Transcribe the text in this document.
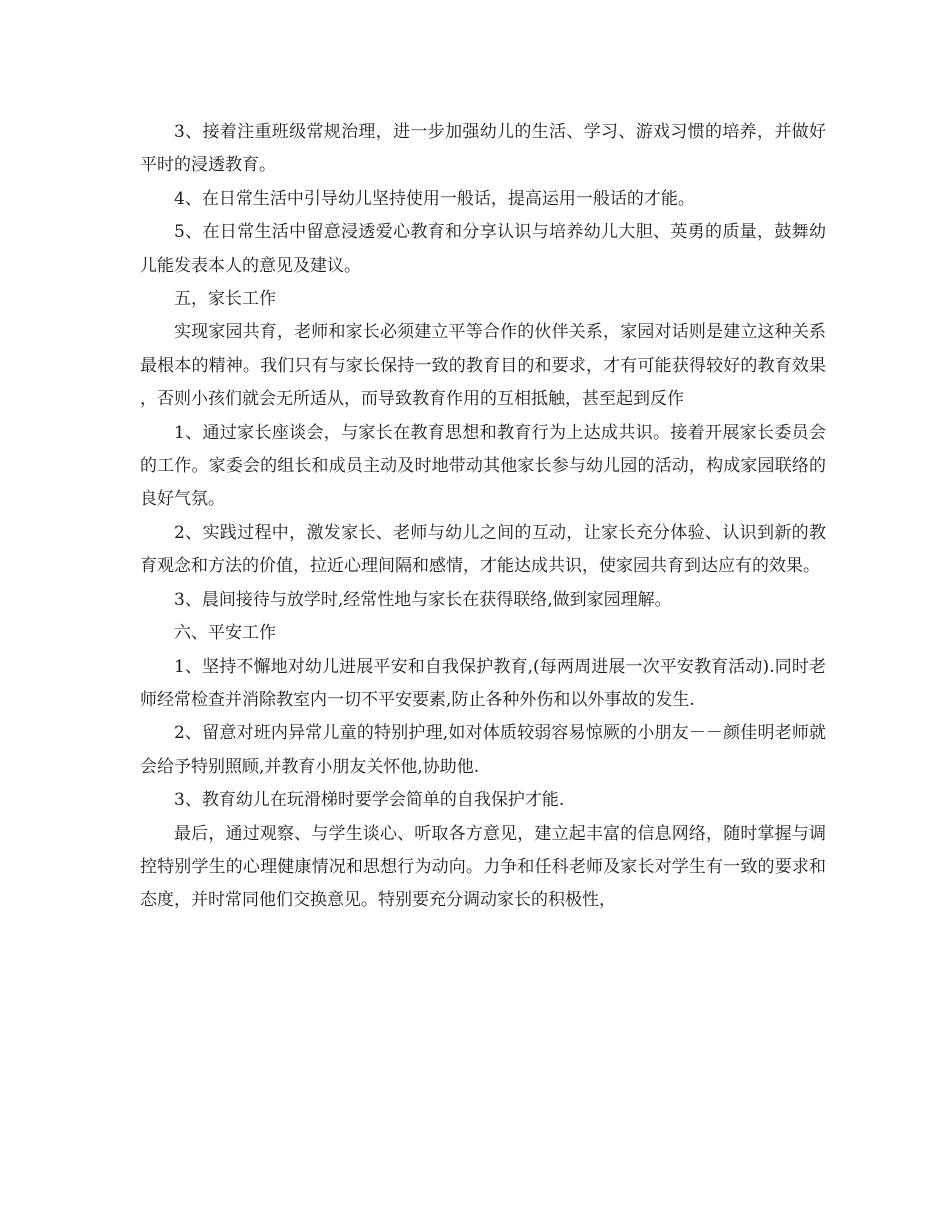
3、接着注重班级常规治理，进一步加强幼儿的生活、学习、游戏习惯的培养，并做好平时的浸透教育。

4、在日常生活中引导幼儿坚持使用一般话，提高运用一般话的才能。

5、在日常生活中留意浸透爱心教育和分享认识与培养幼儿大胆、英勇的质量，鼓舞幼儿能发表本人的意见及建议。

五，家长工作

实现家园共育，老师和家长必须建立平等合作的伙伴关系，家园对话则是建立这种关系最根本的精神。我们只有与家长保持一致的教育目的和要求，才有可能获得较好的教育效果，否则小孩们就会无所适从，而导致教育作用的互相抵触，甚至起到反作

1、通过家长座谈会，与家长在教育思想和教育行为上达成共识。接着开展家长委员会的工作。家委会的组长和成员主动及时地带动其他家长参与幼儿园的活动，构成家园联络的良好气氛。

2、实践过程中，激发家长、老师与幼儿之间的互动，让家长充分体验、认识到新的教育观念和方法的价值，拉近心理间隔和感情，才能达成共识，使家园共育到达应有的效果。

3、晨间接待与放学时,经常性地与家长在获得联络,做到家园理解。

六、平安工作

1、坚持不懈地对幼儿进展平安和自我保护教育,(每两周进展一次平安教育活动).同时老师经常检查并消除教室内一切不平安要素,防止各种外伤和以外事故的发生.

2、留意对班内异常儿童的特别护理,如对体质较弱容易惊厥的小朋友－－颜佳明老师就会给予特别照顾,并教育小朋友关怀他,协助他.

3、教育幼儿在玩滑梯时要学会简单的自我保护才能.

最后，通过观察、与学生谈心、听取各方意见，建立起丰富的信息网络，随时掌握与调控特别学生的心理健康情况和思想行为动向。力争和任科老师及家长对学生有一致的要求和态度，并时常同他们交换意见。特别要充分调动家长的积极性，
